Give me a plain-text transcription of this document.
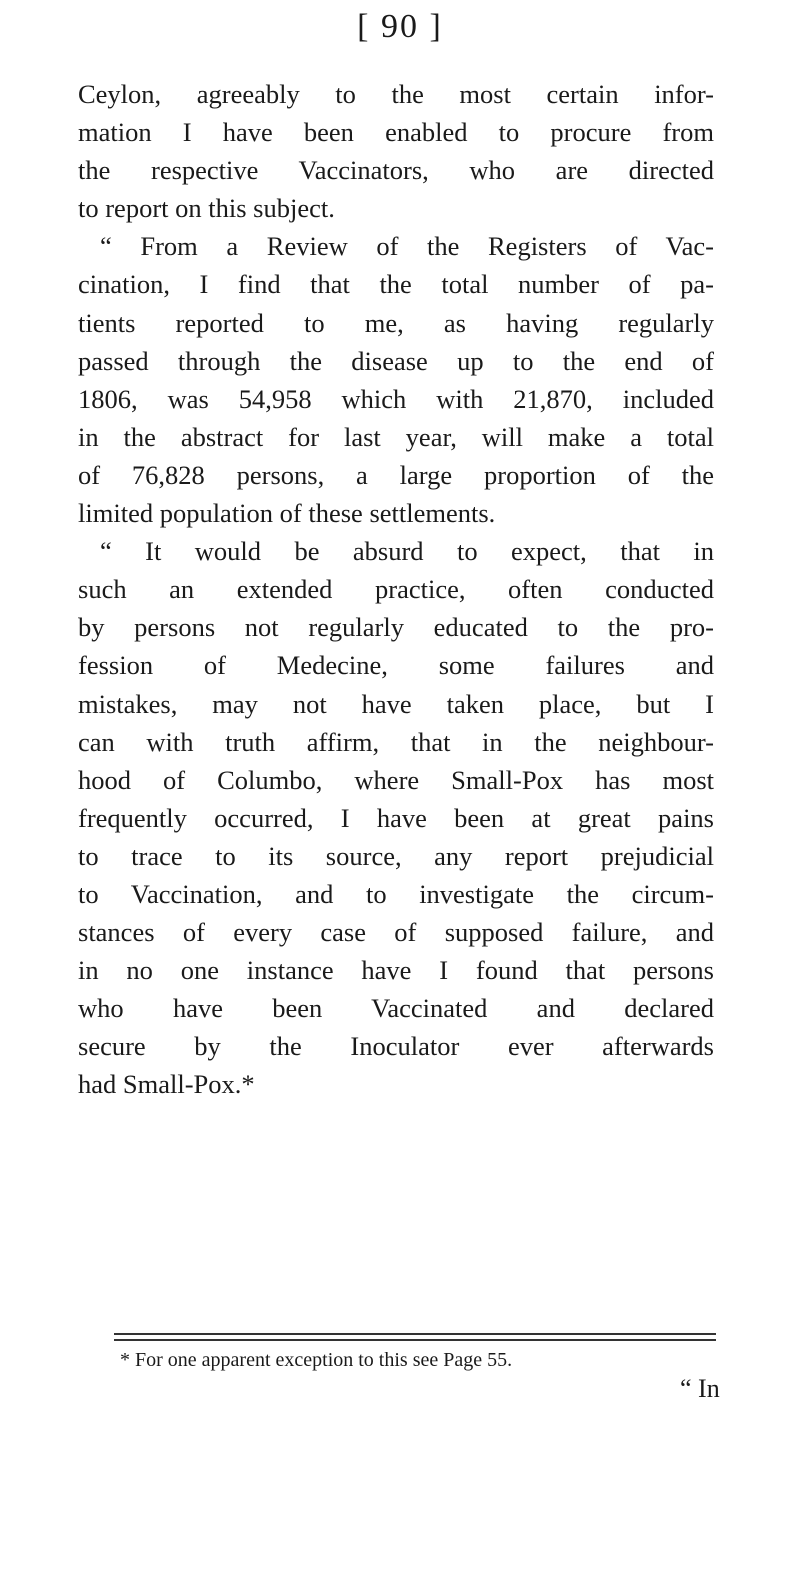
[ 90 ]
Ceylon, agreeably to the most certain infor-
mation I have been enabled to procure from
the respective Vaccinators, who are directed
to report on this subject.
“ From a Review of the Registers of Vac-
cination, I find that the total number of pa-
tients reported to me, as having regularly
passed through the disease up to the end of
1806, was 54,958 which with 21,870, included
in the abstract for last year, will make a total
of 76,828 persons, a large proportion of the
limited population of these settlements.
“ It would be absurd to expect, that in
such an extended practice, often conducted
by persons not regularly educated to the pro-
fession of Medecine, some failures and
mistakes, may not have taken place, but I
can with truth affirm, that in the neighbour-
hood of Columbo, where Small-Pox has most
frequently occurred, I have been at great pains
to trace to its source, any report prejudicial
to Vaccination, and to investigate the circum-
stances of every case of supposed failure, and
in no one instance have I found that persons
who have been Vaccinated and declared
secure by the Inoculator ever afterwards
had Small-Pox.*
* For one apparent exception to this see Page 55.
“ In
